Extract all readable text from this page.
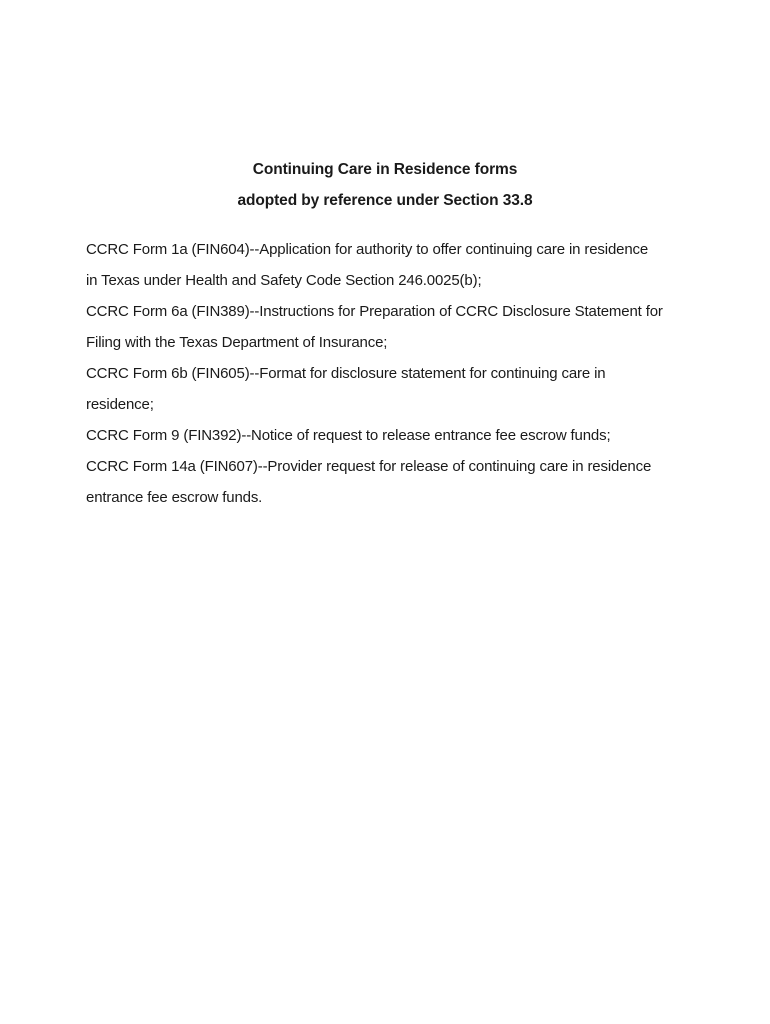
Continuing Care in Residence forms

adopted by reference under Section 33.8

CCRC Form 1a (FIN604)--Application for authority to offer continuing care in residence
in Texas under Health and Safety Code Section 246.0025(b);

CCRC Form 6a (FIN389)--Instructions for Preparation of CCRC Disclosure Statement for
Filing with the Texas Department of Insurance;

CCRC Form 6b (FIN605)--Format for disclosure statement for continuing care in
residence;

CCRC Form 9 (FIN392)--Notice of request to release entrance fee escrow funds;

CCRC Form 14a (FIN607)--Provider request for release of continuing care in residence
entrance fee escrow funds.
